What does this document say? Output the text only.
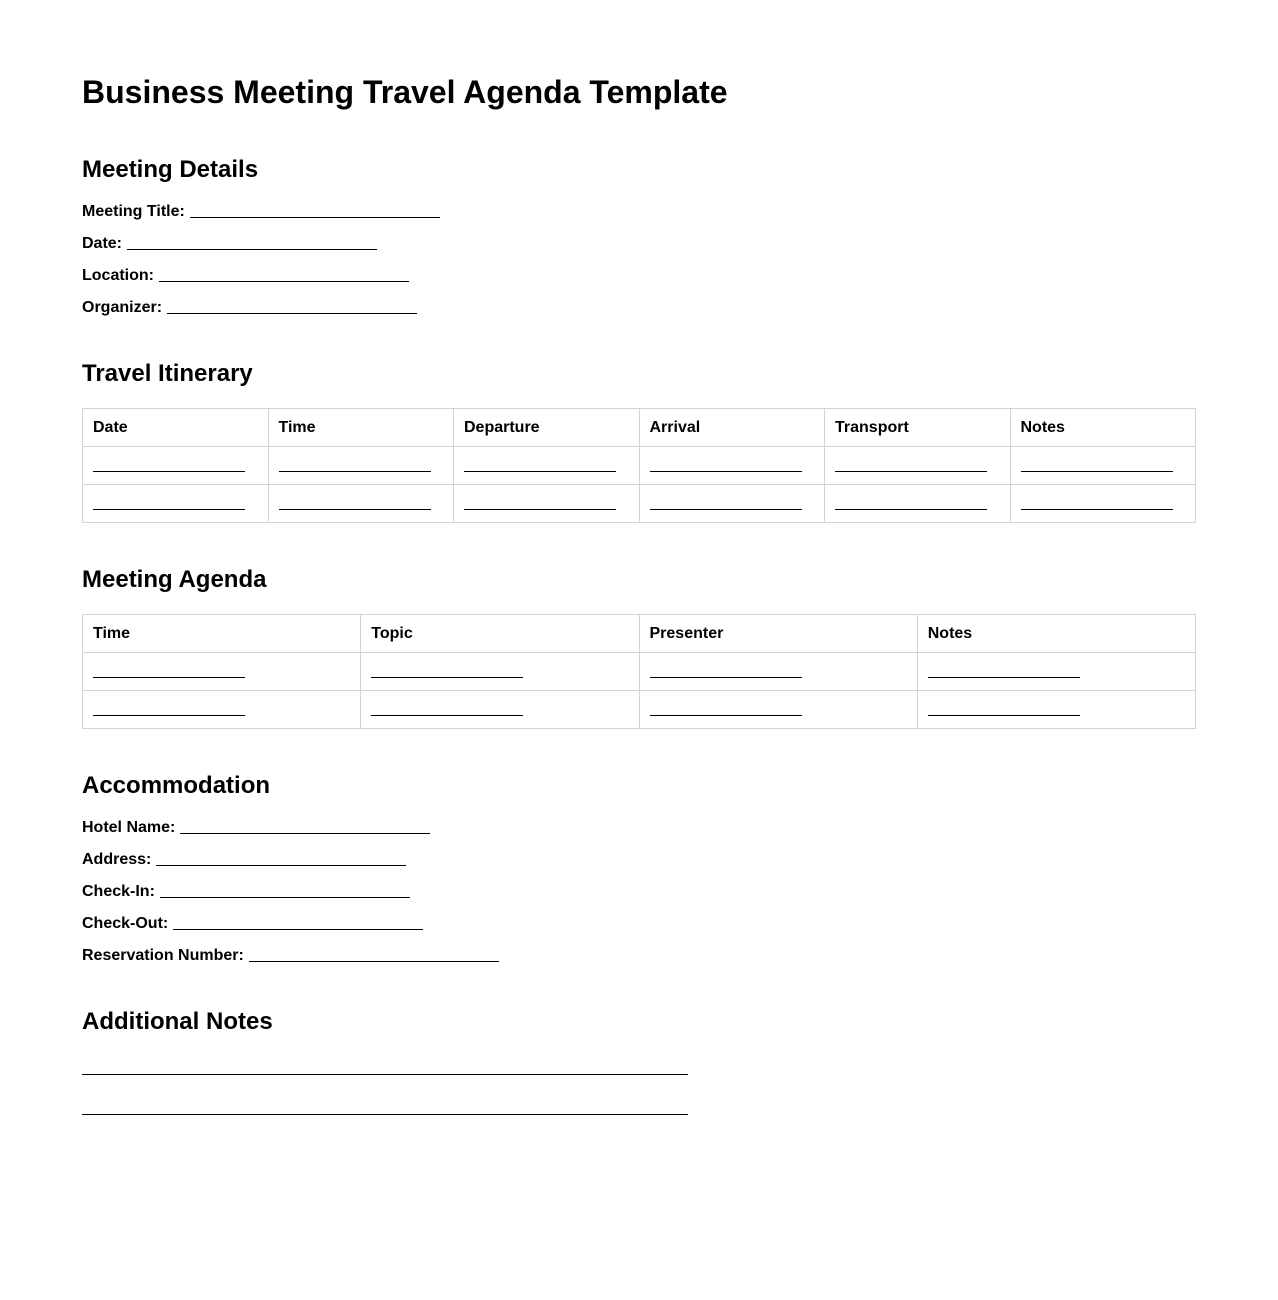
Business Meeting Travel Agenda Template
Meeting Details
Meeting Title:
Date:
Location:
Organizer:
Travel Itinerary
Date	Time	Departure	Arrival	Transport	Notes

Meeting Agenda
Time	Topic	Presenter	Notes

Accommodation
Hotel Name:
Address:
Check-In:
Check-Out:
Reservation Number:
Additional Notes
